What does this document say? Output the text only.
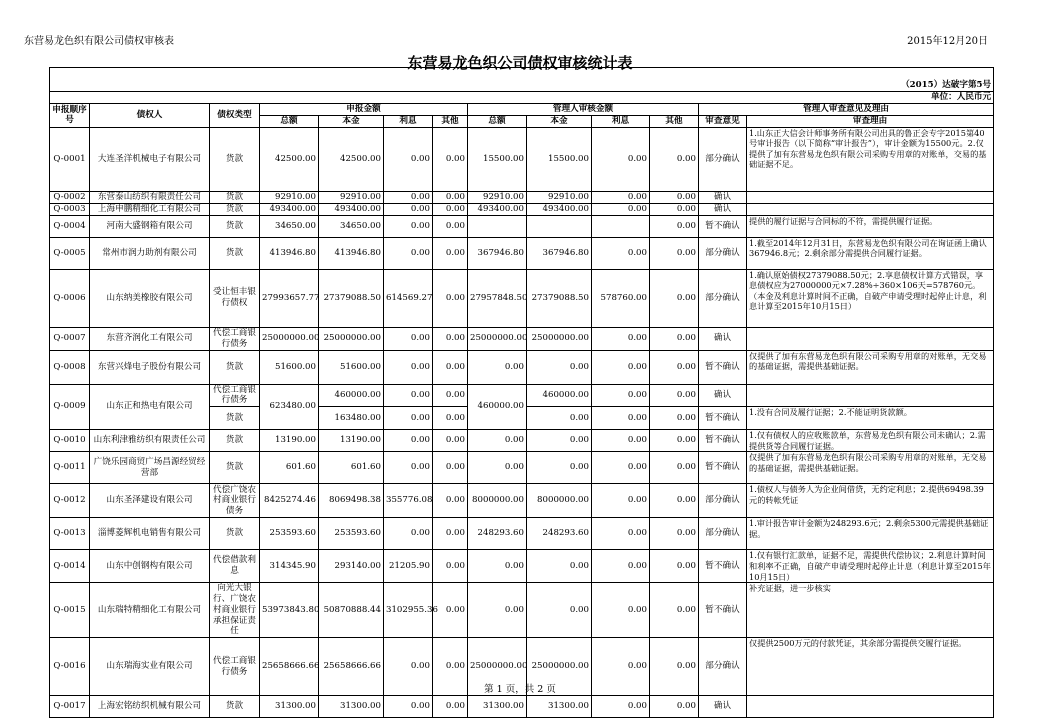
东营易龙色织有限公司债权审核表	2015年12月20日
东营易龙色织公司债权审核统计表

（2015）达破字第5号												
单位：人民币元												
申报顺序号	债权人	债权类型	申报金额				管理人审核金额				管理人审查意见及理由	
			总额	本金	利息	其他	总额	本金	利息	其他	审查意见	审查理由
Q-0001	大连圣洋机械电子有限公司	货款	42500.00	42500.00	0.00	0.00	15500.00	15500.00	0.00	0.00	部分确认	1.山东正大信会计师事务所有限公司出具的鲁正会专字2015第40号审计报告（以下简称“审计报告”），审计金额为15500元。2.仅提供了加有东营易龙色织有限公司采购专用章的对账单，交易的基础证据不足。
Q-0002	东营泰山纺织有限责任公司	货款	92910.00	92910.00	0.00	0.00	92910.00	92910.00	0.00	0.00	确认	
Q-0003	上海申鹏精细化工有限公司	货款	493400.00	493400.00	0.00	0.00	493400.00	493400.00	0.00	0.00	确认	
Q-0004	河南大盛钢箱有限公司	货款	34650.00	34650.00	0.00	0.00				0.00	暂不确认	提供的履行证据与合同标的不符，需提供履行证据。
Q-0005	常州市润力助剂有限公司	货款	413946.80	413946.80	0.00	0.00	367946.80	367946.80	0.00	0.00	部分确认	1.截至2014年12月31日，东营易龙色织有限公司在询证函上确认367946.8元；2.剩余部分需提供合同履行证据。
Q-0006	山东纳美橡胶有限公司	受让恒丰银行债权	27993657.77	27379088.50	614569.27	0.00	27957848.50	27379088.50	578760.00	0.00	部分确认	1.确认原始债权27379088.50元；2.享息债权计算方式错误，享息债权应为27000000元×7.28%÷360×106天=578760元。（本金及利息计算时间不正确，自破产申请受理时起停止计息，利息计算至2015年10月15日）
Q-0007	东营齐润化工有限公司	代偿工商银行债务	25000000.00	25000000.00	0.00	0.00	25000000.00	25000000.00	0.00	0.00	确认	
Q-0008	东营兴烽电子股份有限公司	货款	51600.00	51600.00	0.00	0.00	0.00	0.00	0.00	0.00	暂不确认	仅提供了加有东营易龙色织有限公司采购专用章的对账单，无交易的基础证据，需提供基础证据。
Q-0009	山东正和热电有限公司	代偿工商银行债务	623480.00	460000.00	0.00	0.00	460000.00	460000.00	0.00	0.00	确认	
		货款		163480.00	0.00	0.00		0.00	0.00	0.00	暂不确认	1.没有合同及履行证据；2.不能证明货款额。
Q-0010	山东利津雅纺织有限责任公司	货款	13190.00	13190.00	0.00	0.00	0.00	0.00	0.00	0.00	暂不确认	1.仅有债权人的应收账款单，东营易龙色织有限公司未确认；2.需提供货等合同履行证据。
Q-0011	广饶乐园商贸广场昌源经贸经营部	货款	601.60	601.60	0.00	0.00	0.00	0.00	0.00	0.00	暂不确认	仅提供了加有东营易龙色织有限公司采购专用章的对账单，无交易的基础证据，需提供基础证据。
Q-0012	山东圣泽建设有限公司	代偿广饶农村商业银行债务	8425274.46	8069498.38	355776.08	0.00	8000000.00	8000000.00	0.00	0.00	部分确认	1.债权人与债务人为企业间借贷，无约定利息；2.提供69498.39元的转帐凭证
Q-0013	淄博菱辉机电销售有限公司	货款	253593.60	253593.60	0.00	0.00	248293.60	248293.60	0.00	0.00	部分确认	1.审计报告审计金额为248293.6元；2.剩余5300元需提供基础证据。
Q-0014	山东中创钢构有限公司	代偿借款利息	314345.90	293140.00	21205.90	0.00	0.00	0.00	0.00	0.00	暂不确认	1.仅有银行汇款单，证据不足，需提供代偿协议；2.利息计算时间和利率不正确，自破产申请受理时起停止计息（利息计算至2015年10月15日）
Q-0015	山东瑞特精细化工有限公司	向光大银行、广饶农村商业银行承担保证责任	53973843.80	50870888.44	3102955.36	0.00	0.00	0.00	0.00	0.00	暂不确认	补充证据，进一步核实
Q-0016	山东瑞海实业有限公司	代偿工商银行债务	25658666.66	25658666.66	0.00	0.00	25000000.00	25000000.00	0.00	0.00	部分确认	仅提供2500万元的付款凭证，其余部分需提供交履行证据。
Q-0017	上海宏铭纺织机械有限公司	货款	31300.00	31300.00	0.00	0.00	31300.00	31300.00	0.00	0.00	确认	
第 1 页，共 2 页
